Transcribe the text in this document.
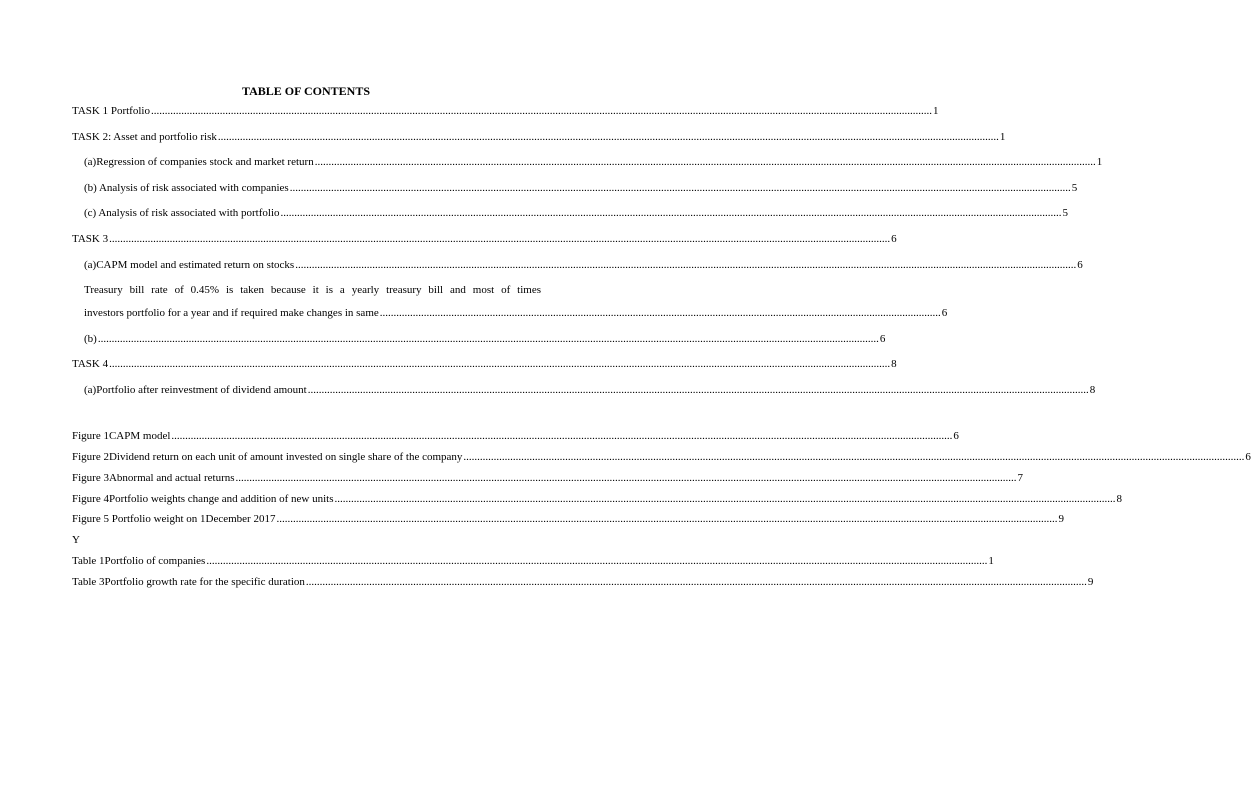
TABLE OF CONTENTS
TASK 1 Portfolio .....	1
TASK 2: Asset and portfolio risk .....	1
(a)Regression of companies stock and market return .....	1
(b) Analysis of risk associated with companies .....	5
(c) Analysis of risk associated with portfolio .....	5
TASK 3 .....	6
(a)CAPM model and estimated return on stocks .....	6
Treasury bill rate of 0.45% is taken because it is a yearly treasury bill and most of times
investors portfolio for a year and if required make changes in same ............................................................................................................................................................................................................ 6
(b) .....	6
TASK 4 .....	8
(a)Portfolio after reinvestment of dividend amount .....	8
Figure 1CAPM model .....	6
Figure 2Dividend return on each unit of amount invested on single share of the company .....	6
Figure 3Abnormal and actual returns .....	7
Figure 4Portfolio weights change and addition of new units .....	8
Figure 5 Portfolio weight on 1December 2017 .....	9
Y
Table 1Portfolio of companies .....	1
Table 3Portfolio growth rate for the specific duration .....	9
